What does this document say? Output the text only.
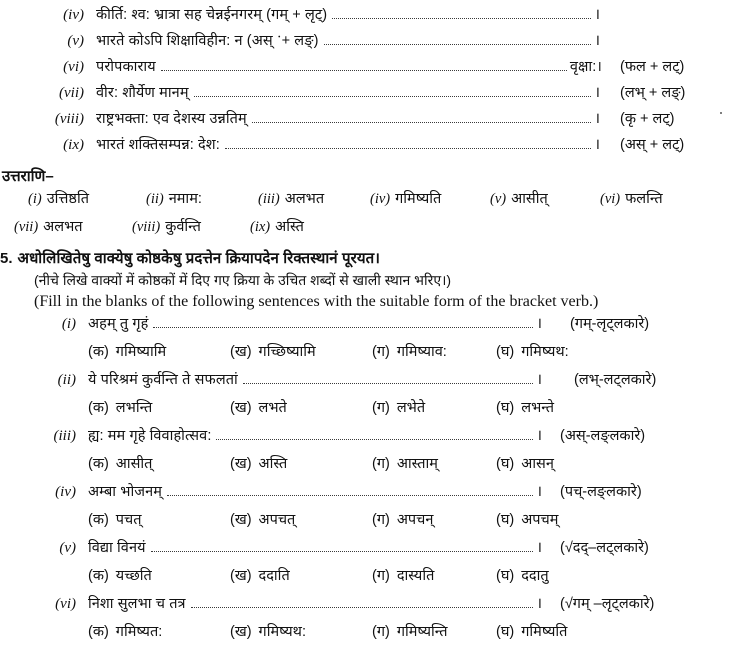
(iv) कीर्ति: श्व: भ्रात्रा सह चेन्नईनगरम् (गम् + लृट्)	।
(v) भारते कोऽपि शिक्षाविहीन: न (अस् ॱ+ लङ्)	।
(vi) परोपकाराय	वृक्षा:।	(फल + लट्)
(vii) वीर: शौर्येण मानम्	।	(लभ् + लङ्)
(viii) राष्ट्रभक्ता: एव देशस्य उन्नतिम्	।	(कृ + लट्)
(ix) भारतं शक्तिसम्पन्न: देश:	।	(अस् + लट्)
उत्तराणि–
(i) उत्तिष्ठति	(ii) नमाम:	(iii) अलभत	(iv) गमिष्यति	(v) आसीत्	(vi) फलन्ति
(vii) अलभत	(viii) कुर्वन्ति	(ix) अस्ति
5. अधोलिखितेषु वाक्येषु कोष्ठकेषु प्रदत्तेन क्रियापदेन रिक्तस्थानं पूरयत।
(नीचे लिखे वाक्यों में कोष्ठकों में दिए गए क्रिया के उचित शब्दों से खाली स्थान भरिए।)
(Fill in the blanks of the following sentences with the suitable form of the bracket verb.)
(i) अहम् तु गृहं	।	(गम्-लृट्लकारे)
(क) गमिष्यामि	(ख) गच्छिष्यामि	(ग) गमिष्याव:	(घ) गमिष्यथ:
(ii) ये परिश्रमं कुर्वन्ति ते सफलतां	।	(लभ्-लट्लकारे)
(क) लभन्ति	(ख) लभते	(ग) लभेते	(घ) लभन्ते
(iii) ह्य: मम गृहे विवाहोत्सव:	।	(अस्-लङ्लकारे)
(क) आसीत्	(ख) अस्ति	(ग) आस्ताम्	(घ) आसन्
(iv) अम्बा भोजनम्	।	(पच्-लङ्लकारे)
(क) पचत्	(ख) अपचत्	(ग) अपचन्	(घ) अपचम्
(v) विद्या विनयं	।	(√दद्–लट्लकारे)
(क) यच्छति	(ख) ददाति	(ग) दास्यति	(घ) ददातु
(vi) निशा सुलभा च तत्र	।	(√गम् –लृट्लकारे)
(क) गमिष्यत:	(ख) गमिष्यथ:	(ग) गमिष्यन्ति	(घ) गमिष्यति
